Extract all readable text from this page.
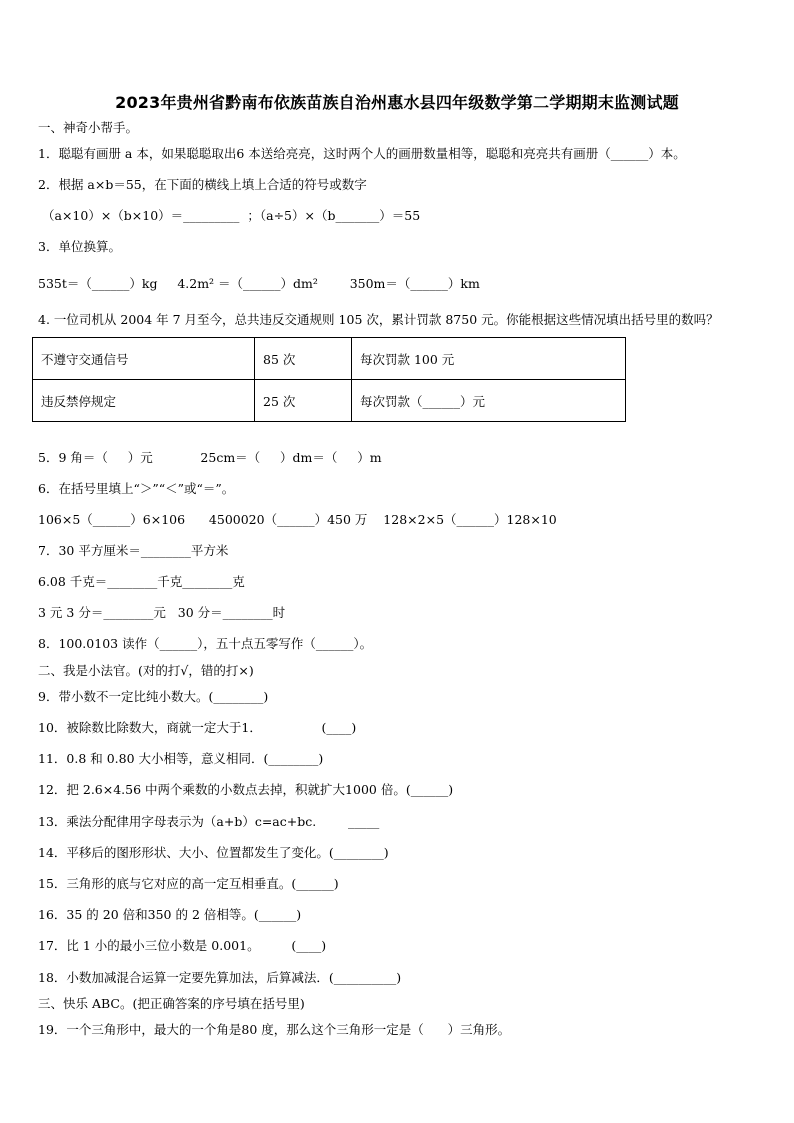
2023年贵州省黔南布依族苗族自治州惠水县四年级数学第二学期期末监测试题
一、神奇小帮手。
1．聪聪有画册 a 本，如果聪聪取出6 本送给亮亮，这时两个人的画册数量相等，聪聪和亮亮共有画册（______）本。
2．根据 a×b＝55，在下面的横线上填上合适的符号或数字
（a×10）×（b×10）＝_________  ；（a÷5）×（b_______）＝55
3．单位换算。
535t＝（______）kg     4.2m² ＝（______）dm²        350m＝（______）km
4. 一位司机从 2004 年 7 月至今，总共违反交通规则 105 次，累计罚款 8750 元。你能根据这些情况填出括号里的数吗？
不遵守交通信号	85 次	每次罚款 100 元
违反禁停规定	25 次	每次罚款（______）元
5．9 角＝（     ）元            25cm＝（     ）dm＝（     ）m
6．在括号里填上“＞”“＜”或“＝”。
106×5（______）6×106      4500020（______）450 万    128×2×5（______）128×10
7．30 平方厘米＝________平方米
6.08 千克＝________千克________克
3 元 3 分＝________元   30 分＝________时
8．100.0103 读作（______），五十点五零写作（______）。
二、我是小法官。(对的打√，错的打×)
9．带小数不一定比纯小数大。(________)
10．被除数比除数大，商就一定大于1．               (____)
11．0.8 和 0.80 大小相等，意义相同．(________)
12．把 2.6×4.56 中两个乘数的小数点去掉，积就扩大1000 倍。(______)
13．乘法分配律用字母表示为（a+b）c=ac+bc.        _____
14．平移后的图形形状、大小、位置都发生了变化。(________)
15．三角形的底与它对应的高一定互相垂直。(______)
16．35 的 20 倍和350 的 2 倍相等。(______)
17．比 1 小的最小三位小数是 0.001。        (____)
18．小数加减混合运算一定要先算加法，后算减法．(__________)
三、快乐 ABC。(把正确答案的序号填在括号里)
19．一个三角形中，最大的一个角是80 度，那么这个三角形一定是（      ）三角形。
